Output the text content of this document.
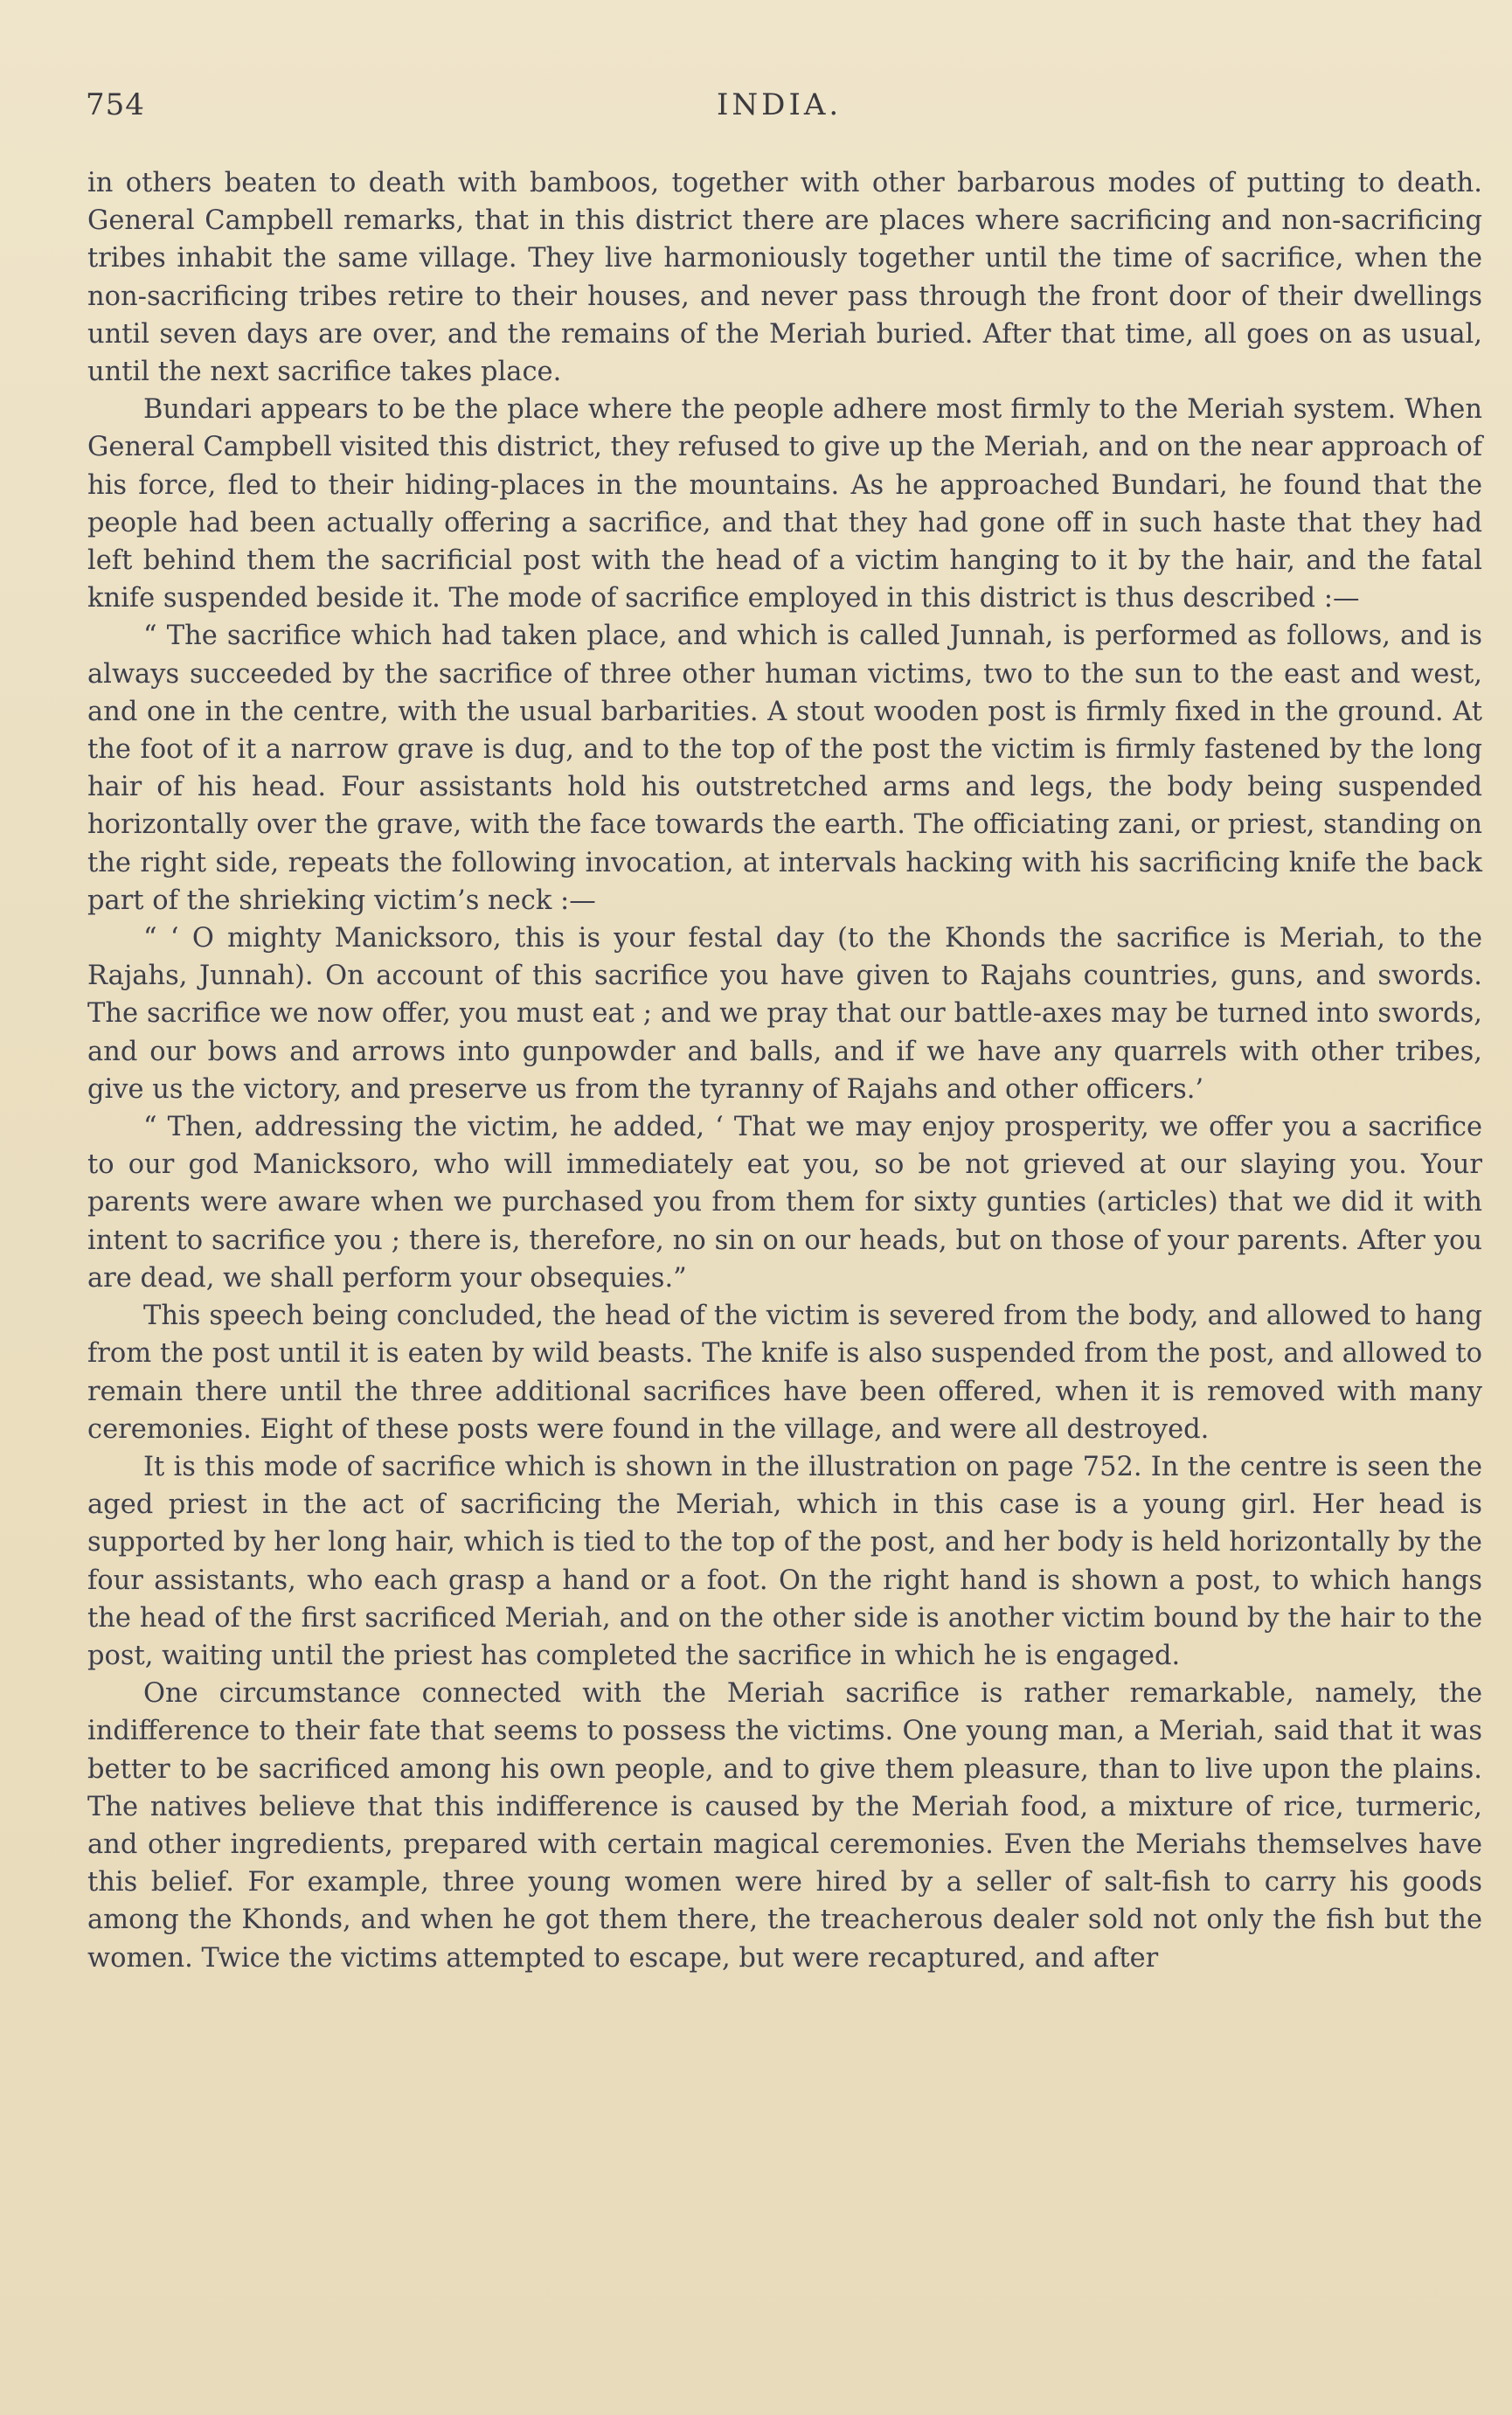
754	INDIA.

in others beaten to death with bamboos, together with other barbarous modes of putting to death. General Campbell remarks, that in this district there are places where sacrificing and non-sacrificing tribes inhabit the same village. They live harmoniously together until the time of sacrifice, when the non-sacrificing tribes retire to their houses, and never pass through the front door of their dwellings until seven days are over, and the remains of the Meriah buried. After that time, all goes on as usual, until the next sacrifice takes place.

Bundari appears to be the place where the people adhere most firmly to the Meriah system. When General Campbell visited this district, they refused to give up the Meriah, and on the near approach of his force, fled to their hiding-places in the mountains. As he approached Bundari, he found that the people had been actually offering a sacrifice, and that they had gone off in such haste that they had left behind them the sacrificial post with the head of a victim hanging to it by the hair, and the fatal knife suspended beside it. The mode of sacrifice employed in this district is thus described :—

“ The sacrifice which had taken place, and which is called Junnah, is performed as follows, and is always succeeded by the sacrifice of three other human victims, two to the sun to the east and west, and one in the centre, with the usual barbarities. A stout wooden post is firmly fixed in the ground. At the foot of it a narrow grave is dug, and to the top of the post the victim is firmly fastened by the long hair of his head. Four assistants hold his outstretched arms and legs, the body being suspended horizontally over the grave, with the face towards the earth. The officiating zani, or priest, standing on the right side, repeats the following invocation, at intervals hacking with his sacrificing knife the back part of the shrieking victim’s neck :—

“ ‘ O mighty Manicksoro, this is your festal day (to the Khonds the sacrifice is Meriah, to the Rajahs, Junnah). On account of this sacrifice you have given to Rajahs countries, guns, and swords. The sacrifice we now offer, you must eat ; and we pray that our battle-axes may be turned into swords, and our bows and arrows into gunpowder and balls, and if we have any quarrels with other tribes, give us the victory, and preserve us from the tyranny of Rajahs and other officers.’

“ Then, addressing the victim, he added, ‘ That we may enjoy prosperity, we offer you a sacrifice to our god Manicksoro, who will immediately eat you, so be not grieved at our slaying you. Your parents were aware when we purchased you from them for sixty gunties (articles) that we did it with intent to sacrifice you ; there is, therefore, no sin on our heads, but on those of your parents. After you are dead, we shall perform your obsequies.”

This speech being concluded, the head of the victim is severed from the body, and allowed to hang from the post until it is eaten by wild beasts. The knife is also suspended from the post, and allowed to remain there until the three additional sacrifices have been offered, when it is removed with many ceremonies. Eight of these posts were found in the village, and were all destroyed.

It is this mode of sacrifice which is shown in the illustration on page 752. In the centre is seen the aged priest in the act of sacrificing the Meriah, which in this case is a young girl. Her head is supported by her long hair, which is tied to the top of the post, and her body is held horizontally by the four assistants, who each grasp a hand or a foot. On the right hand is shown a post, to which hangs the head of the first sacrificed Meriah, and on the other side is another victim bound by the hair to the post, waiting until the priest has completed the sacrifice in which he is engaged.

One circumstance connected with the Meriah sacrifice is rather remarkable, namely, the indifference to their fate that seems to possess the victims. One young man, a Meriah, said that it was better to be sacrificed among his own people, and to give them pleasure, than to live upon the plains. The natives believe that this indifference is caused by the Meriah food, a mixture of rice, turmeric, and other ingredients, prepared with certain magical ceremonies. Even the Meriahs themselves have this belief. For example, three young women were hired by a seller of salt-fish to carry his goods among the Khonds, and when he got them there, the treacherous dealer sold not only the fish but the women. Twice the victims attempted to escape, but were recaptured, and after
